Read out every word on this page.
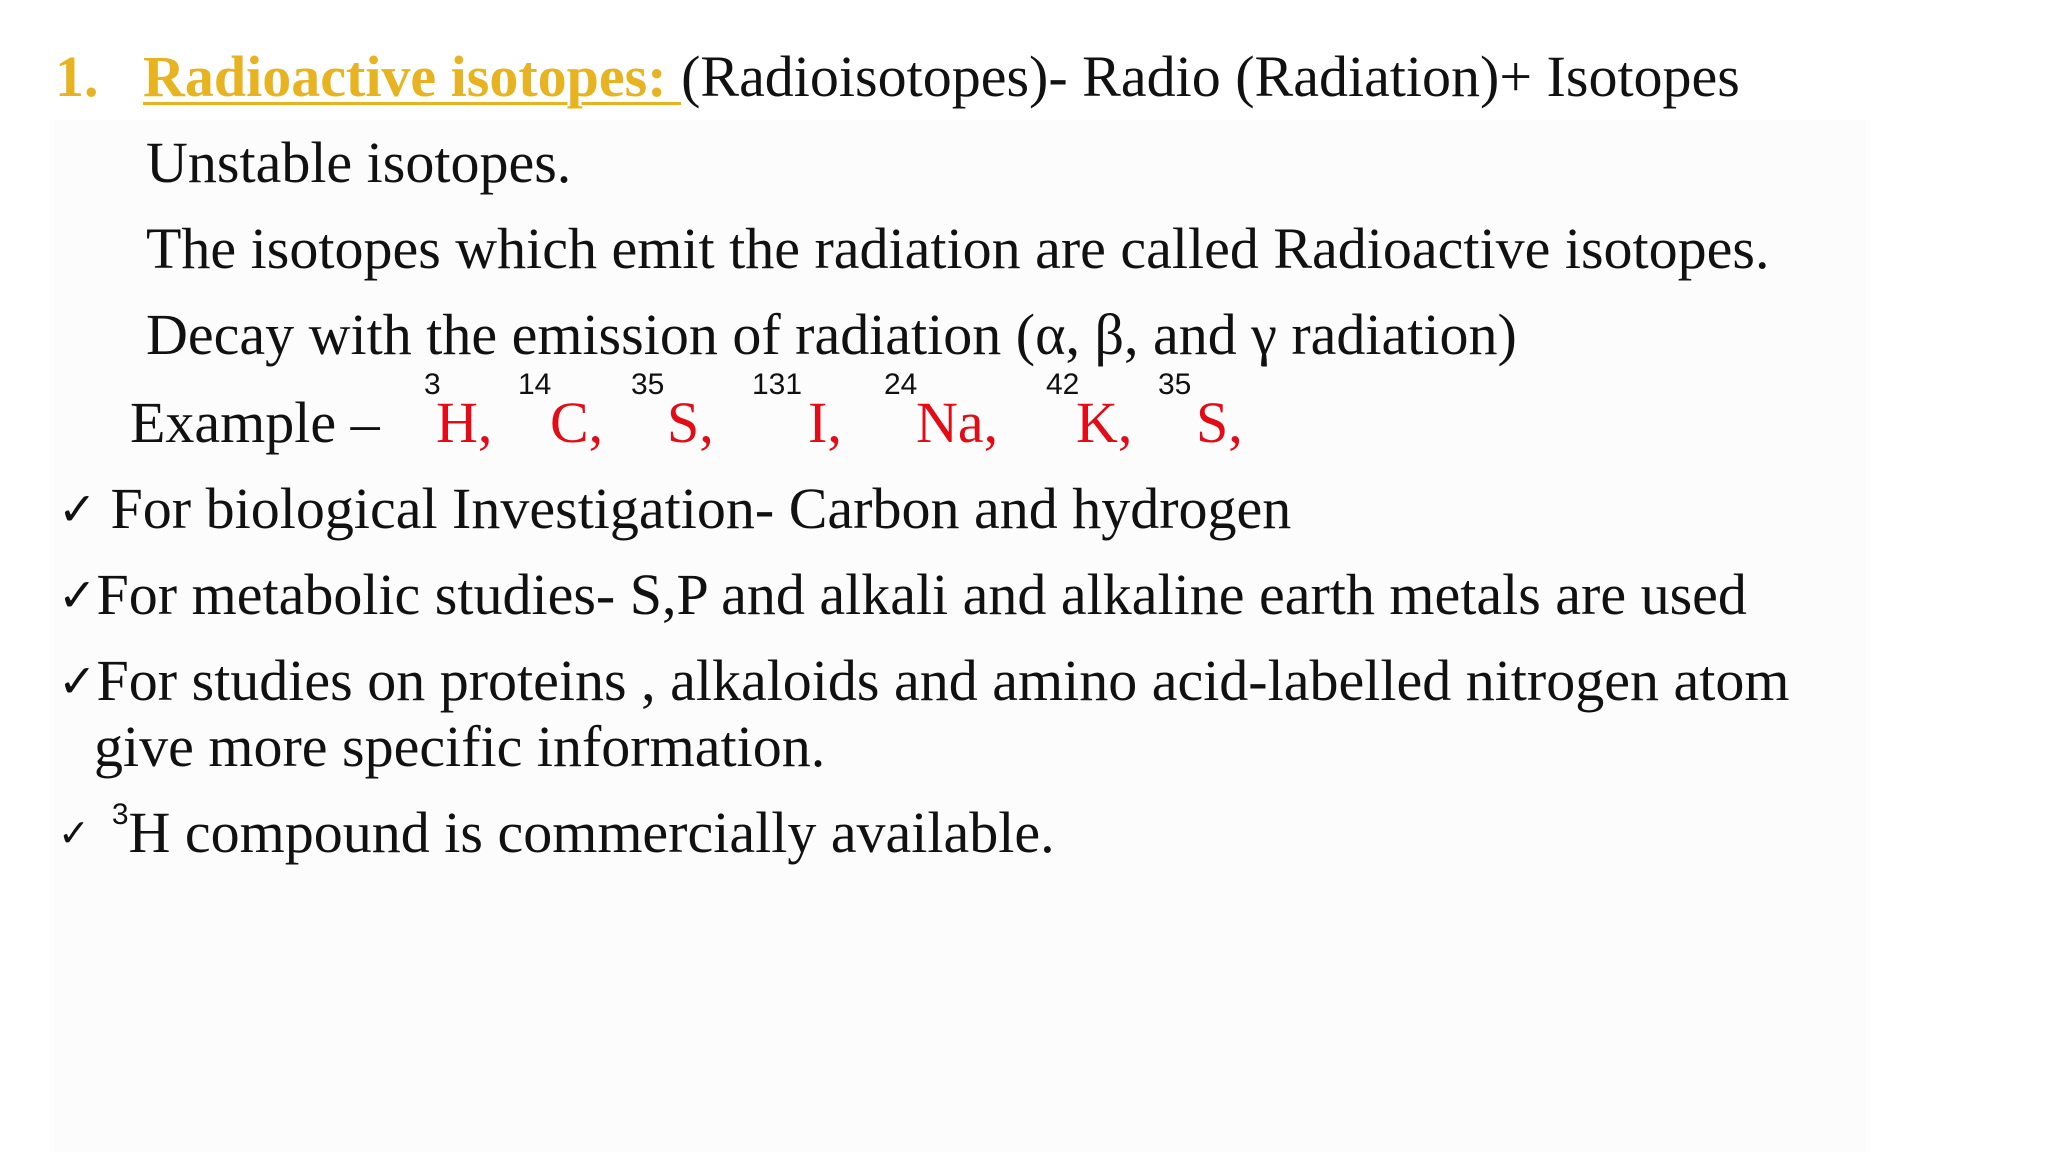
1. Radioactive isotopes: (Radioisotopes)- Radio (Radiation)+ Isotopes
Unstable isotopes.
The isotopes which emit the radiation are called Radioactive isotopes.
Decay with the emission of radiation (α, β, and γ radiation)
Example –
3
H,
14
C,
35
S,
131
I,
24
Na,
42
K,
35
S,
✓ For biological Investigation- Carbon and hydrogen
✓For metabolic studies- S,P and alkali and alkaline earth metals are used
✓For studies on proteins , alkaloids and amino acid-labelled nitrogen atom
give more specific information.
✓ $^3$H compound is commercially available.
